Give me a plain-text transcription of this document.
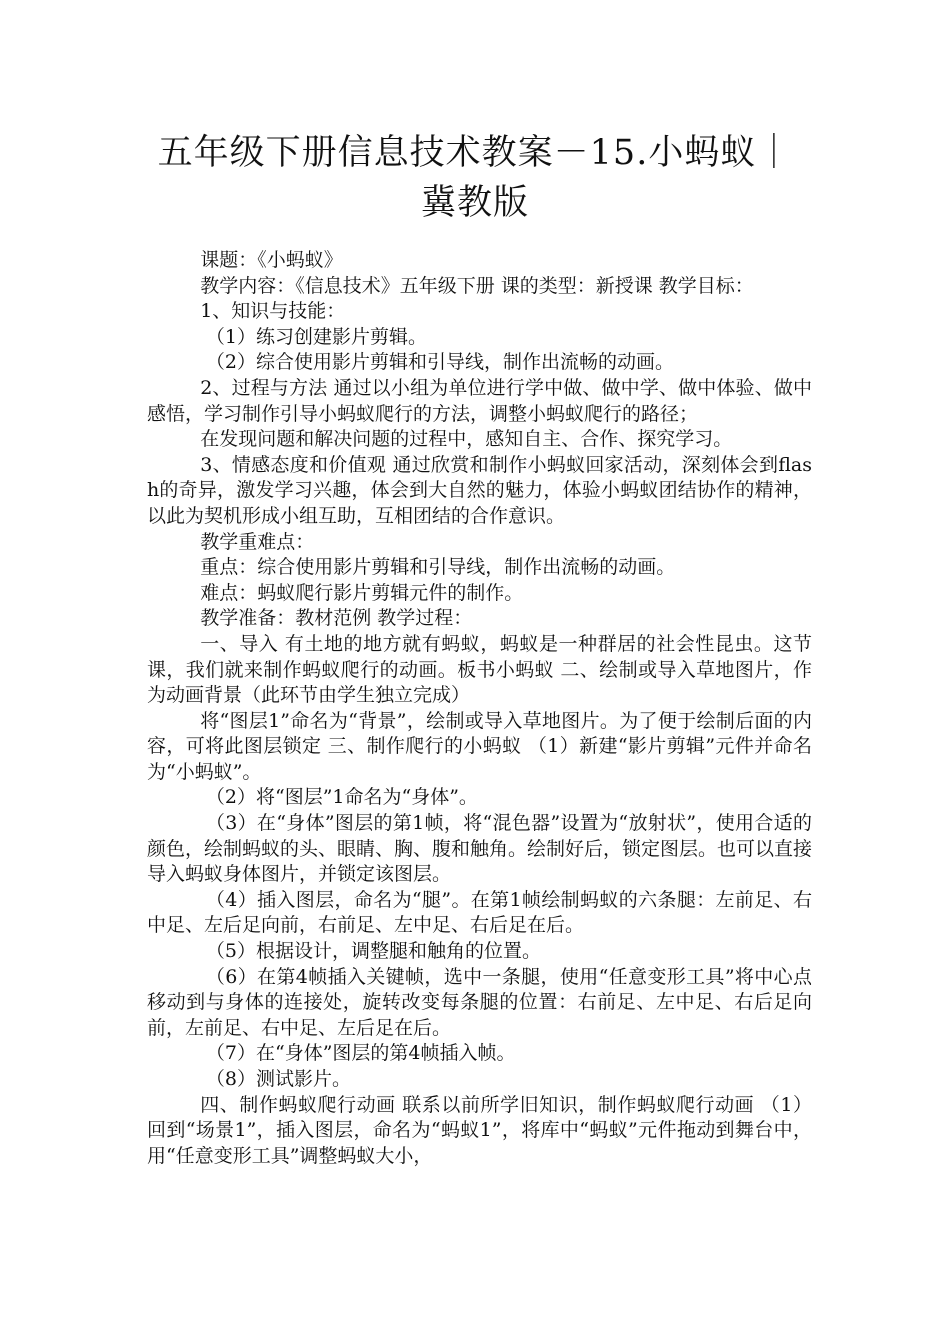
五年级下册信息技术教案－15.小蚂蚁｜冀教版

课题：《小蚂蚁》

教学内容：《信息技术》五年级下册 课的类型：新授课 教学目标：

1、知识与技能：

（1）练习创建影片剪辑。

（2）综合使用影片剪辑和引导线，制作出流畅的动画。

2、过程与方法 通过以小组为单位进行学中做、做中学、做中体验、做中感悟，学习制作引导小蚂蚁爬行的方法，调整小蚂蚁爬行的路径；

在发现问题和解决问题的过程中，感知自主、合作、探究学习。

3、情感态度和价值观 通过欣赏和制作小蚂蚁回家活动，深刻体会到flash的奇异，激发学习兴趣，体会到大自然的魅力，体验小蚂蚁团结协作的精神，以此为契机形成小组互助，互相团结的合作意识。

教学重难点：

重点：综合使用影片剪辑和引导线，制作出流畅的动画。

难点：蚂蚁爬行影片剪辑元件的制作。

教学准备：教材范例 教学过程：

一、导入 有土地的地方就有蚂蚁，蚂蚁是一种群居的社会性昆虫。这节课，我们就来制作蚂蚁爬行的动画。板书小蚂蚁 二、绘制或导入草地图片，作为动画背景（此环节由学生独立完成）

将“图层1”命名为“背景”，绘制或导入草地图片。为了便于绘制后面的内容，可将此图层锁定 三、制作爬行的小蚂蚁 （1）新建“影片剪辑”元件并命名为“小蚂蚁”。

（2）将“图层”1命名为“身体”。

（3）在“身体”图层的第1帧，将“混色器”设置为“放射状”，使用合适的颜色，绘制蚂蚁的头、眼睛、胸、腹和触角。绘制好后，锁定图层。也可以直接导入蚂蚁身体图片，并锁定该图层。

（4）插入图层，命名为“腿”。在第1帧绘制蚂蚁的六条腿：左前足、右中足、左后足向前，右前足、左中足、右后足在后。

（5）根据设计，调整腿和触角的位置。

（6）在第4帧插入关键帧，选中一条腿，使用“任意变形工具”将中心点移动到与身体的连接处，旋转改变每条腿的位置：右前足、左中足、右后足向前，左前足、右中足、左后足在后。

（7）在“身体”图层的第4帧插入帧。

（8）测试影片。

四、制作蚂蚁爬行动画 联系以前所学旧知识，制作蚂蚁爬行动画 （1）回到“场景1”，插入图层，命名为“蚂蚁1”，将库中“蚂蚁”元件拖动到舞台中，用“任意变形工具”调整蚂蚁大小，
